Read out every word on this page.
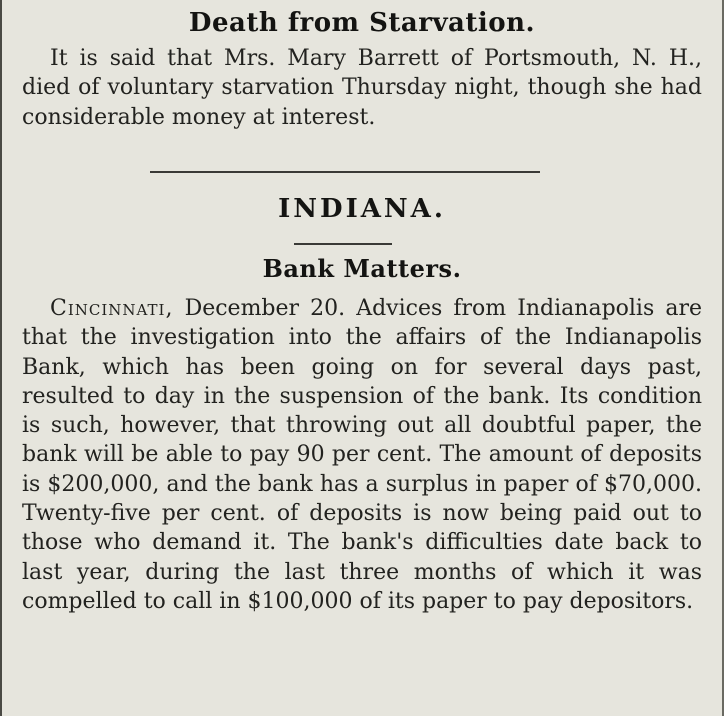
Death from Starvation.

It is said that Mrs. Mary Barrett of Portsmouth, N. H., died of voluntary starvation Thursday night, though she had considerable money at interest.

INDIANA.
Bank Matters.

Cincinnati, December 20. Advices from Indianapolis are that the investigation into the affairs of the Indianapolis Bank, which has been going on for several days past, resulted to day in the suspension of the bank. Its condition is such, however, that throwing out all doubtful paper, the bank will be able to pay 90 per cent. The amount of deposits is $200,000, and the bank has a surplus in paper of $70,000. Twenty-five per cent. of deposits is now being paid out to those who demand it. The bank's difficulties date back to last year, during the last three months of which it was compelled to call in $100,000 of its paper to pay depositors.
